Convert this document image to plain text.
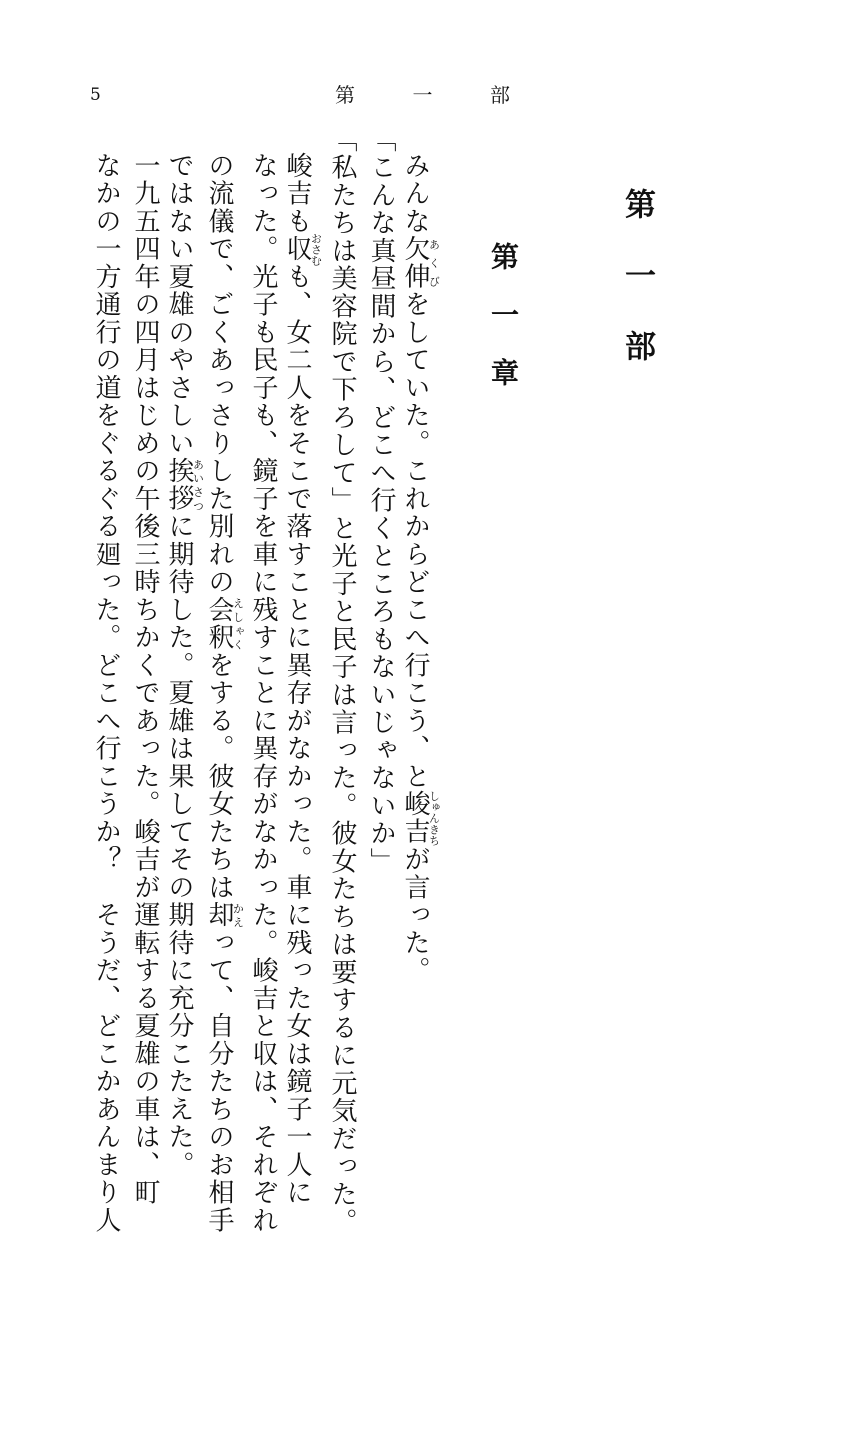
5	第	一	部
第一部
第一章

みんな欠伸あくびをしていた。これからどこへ行こう、と峻吉しゅんきちが言った。

「こんな真昼間から、どこへ行くところもないじゃないか」

「私たちは美容院で下ろして」と光子と民子は言った。彼女たちは要するに元気だった。

峻吉も収おさむも、女二人をそこで落すことに異存がなかった。車に残った女は鏡子一人に

なった。光子も民子も、鏡子を車に残すことに異存がなかった。峻吉と収は、それぞれ

の流儀で、ごくあっさりした別れの会釈えしゃくをする。彼女たちは却かえって、自分たちのお相手

ではない夏雄のやさしい挨拶あいさつに期待した。夏雄は果してその期待に充分こたえた。

一九五四年の四月はじめの午後三時ちかくであった。峻吉が運転する夏雄の車は、町

なかの一方通行の道をぐるぐる廻った。どこへ行こうか？　そうだ、どこかあんまり人
